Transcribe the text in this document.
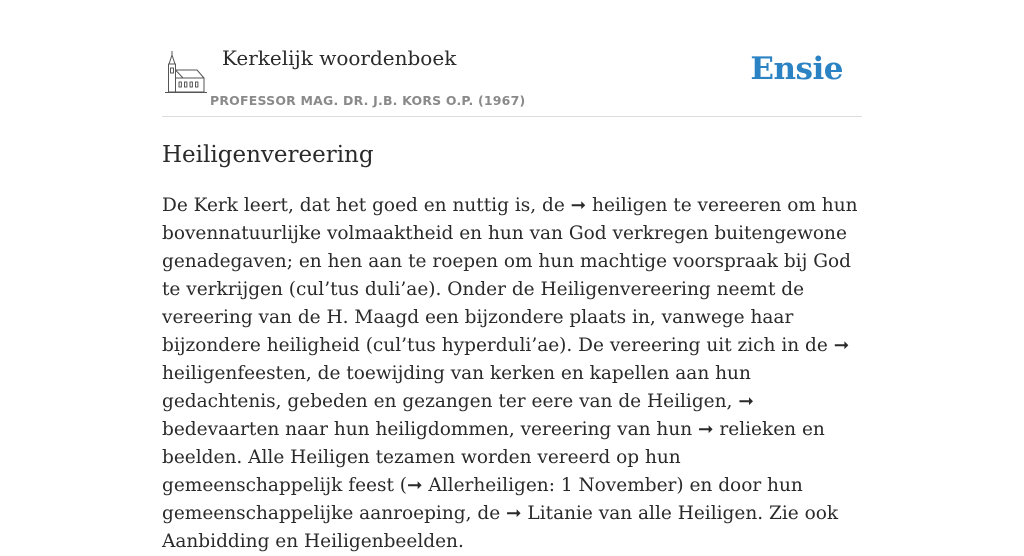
Kerkelijk woordenboek
PROFESSOR MAG. DR. J.B. KORS O.P. (1967)
Ensie
Heiligenvereering

De Kerk leert, dat het goed en nuttig is, de ➞ heiligen te vereeren om hun bovennatuurlijke volmaaktheid en hun van God verkregen buitengewone genadegaven; en hen aan te roepen om hun machtige voorspraak bij God te verkrijgen (cul’tus duli’ae). Onder de Heiligenvereering neemt de vereering van de H. Maagd een bijzondere plaats in, vanwege haar bijzondere heiligheid (cul’tus hyperduli’ae). De vereering uit zich in de ➞ heiligenfeesten, de toewijding van kerken en kapellen aan hun gedachtenis, gebeden en gezangen ter eere van de Heiligen, ➞ bedevaarten naar hun heiligdommen, vereering van hun ➞ relieken en beelden. Alle Heiligen tezamen worden vereerd op hun gemeenschappelijk feest (➞ Allerheiligen: 1 November) en door hun gemeenschappelijke aanroeping, de ➞ Litanie van alle Heiligen. Zie ook Aanbidding en Heiligenbeelden.
